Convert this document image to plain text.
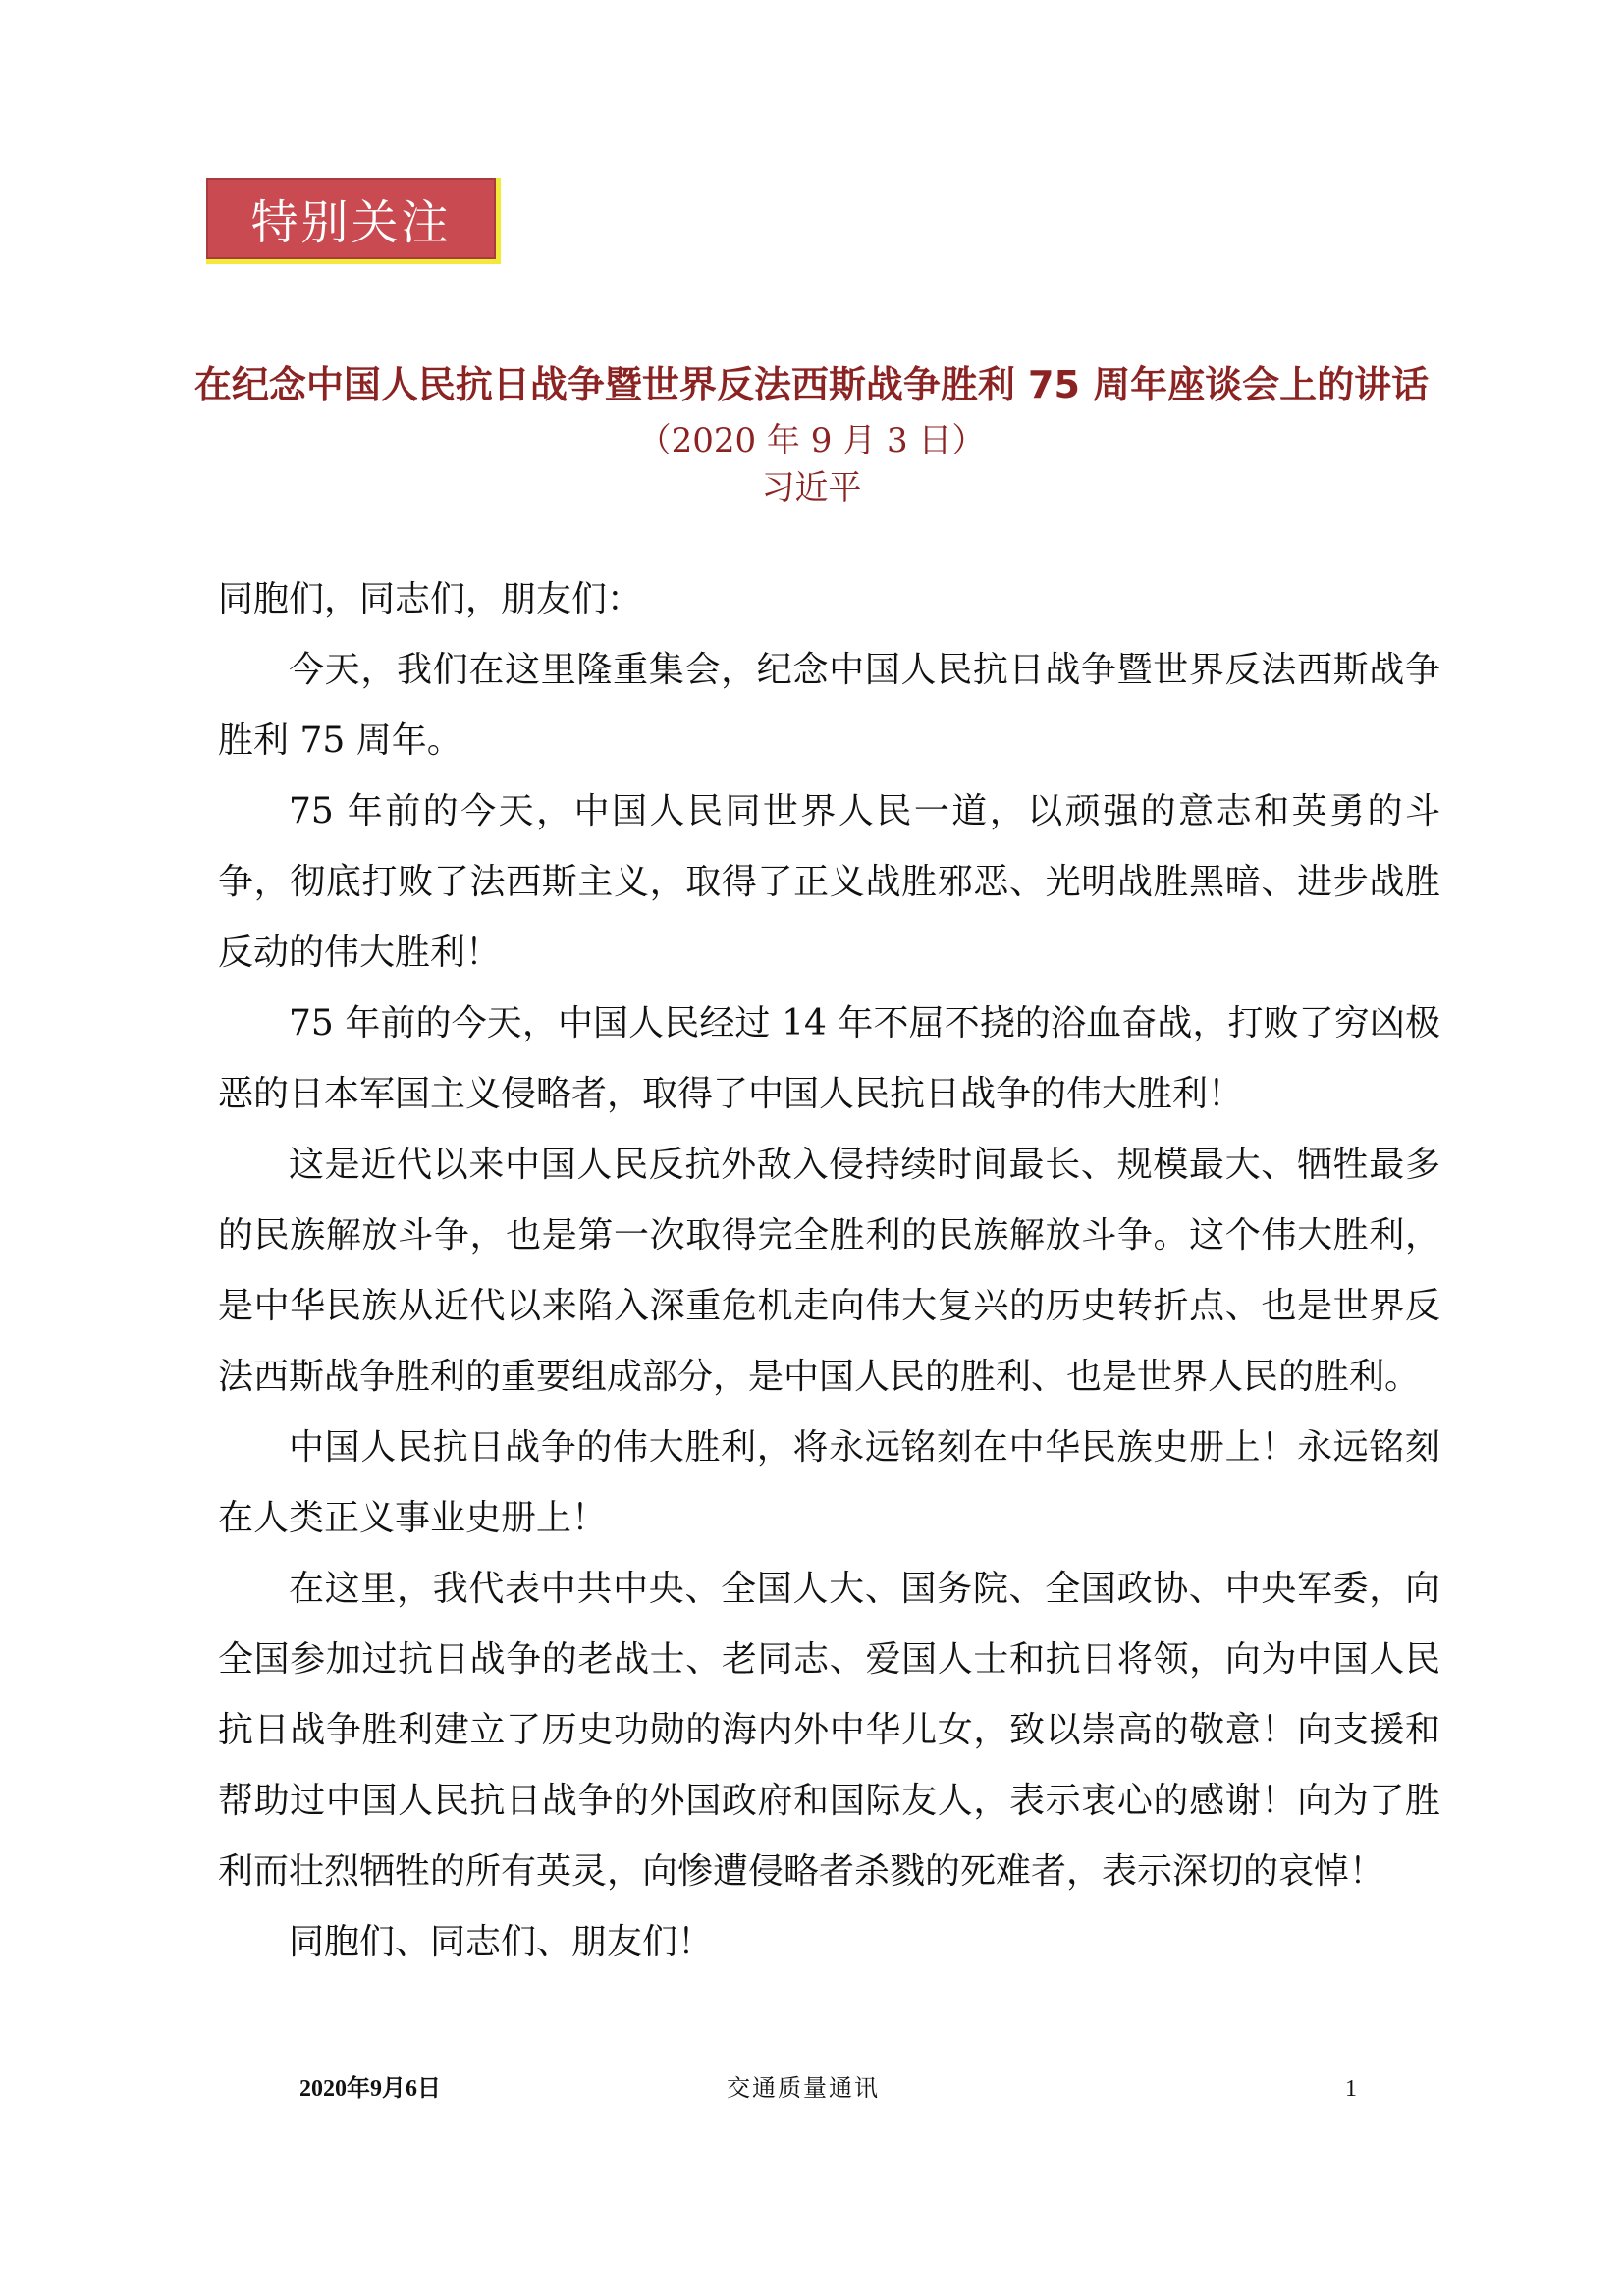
特别关注
在纪念中国人民抗日战争暨世界反法西斯战争胜利 75 周年座谈会上的讲话
（2020 年 9 月 3 日）
习近平

同胞们，同志们，朋友们：

今天，我们在这里隆重集会，纪念中国人民抗日战争暨世界反法西斯战争胜利 75 周年。

75 年前的今天，中国人民同世界人民一道，以顽强的意志和英勇的斗争，彻底打败了法西斯主义，取得了正义战胜邪恶、光明战胜黑暗、进步战胜反动的伟大胜利！

75 年前的今天，中国人民经过 14 年不屈不挠的浴血奋战，打败了穷凶极恶的日本军国主义侵略者，取得了中国人民抗日战争的伟大胜利！

这是近代以来中国人民反抗外敌入侵持续时间最长、规模最大、牺牲最多的民族解放斗争，也是第一次取得完全胜利的民族解放斗争。这个伟大胜利，是中华民族从近代以来陷入深重危机走向伟大复兴的历史转折点、也是世界反法西斯战争胜利的重要组成部分，是中国人民的胜利、也是世界人民的胜利。

中国人民抗日战争的伟大胜利，将永远铭刻在中华民族史册上！永远铭刻在人类正义事业史册上！

在这里，我代表中共中央、全国人大、国务院、全国政协、中央军委，向全国参加过抗日战争的老战士、老同志、爱国人士和抗日将领，向为中国人民抗日战争胜利建立了历史功勋的海内外中华儿女，致以崇高的敬意！向支援和帮助过中国人民抗日战争的外国政府和国际友人，表示衷心的感谢！向为了胜利而壮烈牺牲的所有英灵，向惨遭侵略者杀戮的死难者，表示深切的哀悼！

同胞们、同志们、朋友们！

2020年9月6日	交通质量通讯	1
